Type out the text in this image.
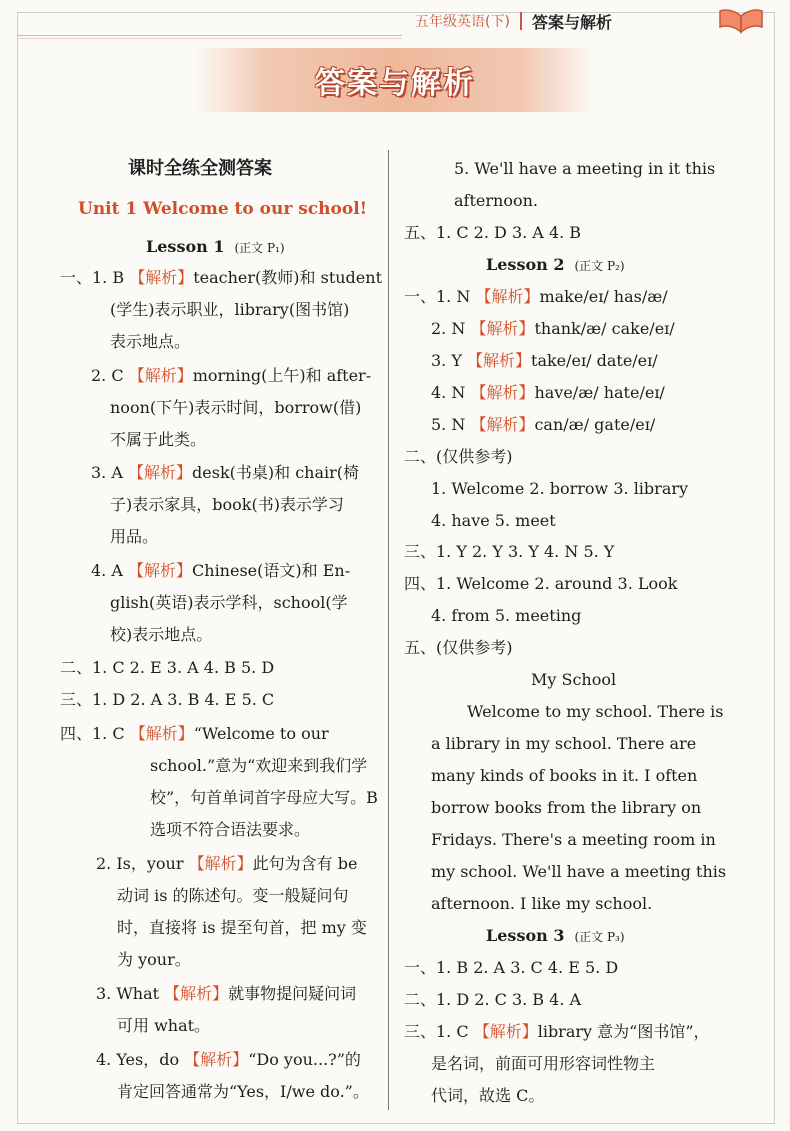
五年级英语(下) 答案与解析
答案与解析
课时全练全测答案
Unit 1 Welcome to our school!
Lesson 1 (正文 P₁)
一、1. B 【解析】teacher(教师)和 student
(学生)表示职业，library(图书馆)
表示地点。
2. C 【解析】morning(上午)和 after-
noon(下午)表示时间，borrow(借)
不属于此类。
3. A 【解析】desk(书桌)和 chair(椅
子)表示家具，book(书)表示学习
用品。
4. A 【解析】Chinese(语文)和 En-
glish(英语)表示学科，school(学
校)表示地点。
二、1. C 2. E 3. A 4. B 5. D
三、1. D 2. A 3. B 4. E 5. C
四、1. C 【解析】“Welcome to our
school.”意为“欢迎来到我们学
校”，句首单词首字母应大写。B
选项不符合语法要求。
2. Is，your 【解析】此句为含有 be
动词 is 的陈述句。变一般疑问句
时，直接将 is 提至句首，把 my 变
为 your。
3. What 【解析】就事物提问疑问词
可用 what。
4. Yes，do 【解析】“Do you...?”的
肯定回答通常为“Yes，I/we do.”。
5. We'll have a meeting in it this
afternoon.
五、1. C 2. D 3. A 4. B
Lesson 2 (正文 P₂)
一、1. N 【解析】make/eɪ/ has/æ/
2. N 【解析】thank/æ/ cake/eɪ/
3. Y 【解析】take/eɪ/ date/eɪ/
4. N 【解析】have/æ/ hate/eɪ/
5. N 【解析】can/æ/ gate/eɪ/
二、(仅供参考)
1. Welcome 2. borrow 3. library
4. have 5. meet
三、1. Y 2. Y 3. Y 4. N 5. Y
四、1. Welcome 2. around 3. Look
4. from 5. meeting
五、(仅供参考)
My School
Welcome to my school. There is
a library in my school. There are
many kinds of books in it. I often
borrow books from the library on
Fridays. There's a meeting room in
my school. We'll have a meeting this
afternoon. I like my school.
Lesson 3 (正文 P₃)
一、1. B 2. A 3. C 4. E 5. D
二、1. D 2. C 3. B 4. A
三、1. C 【解析】library 意为“图书馆”，
是名词，前面可用形容词性物主
代词，故选 C。
